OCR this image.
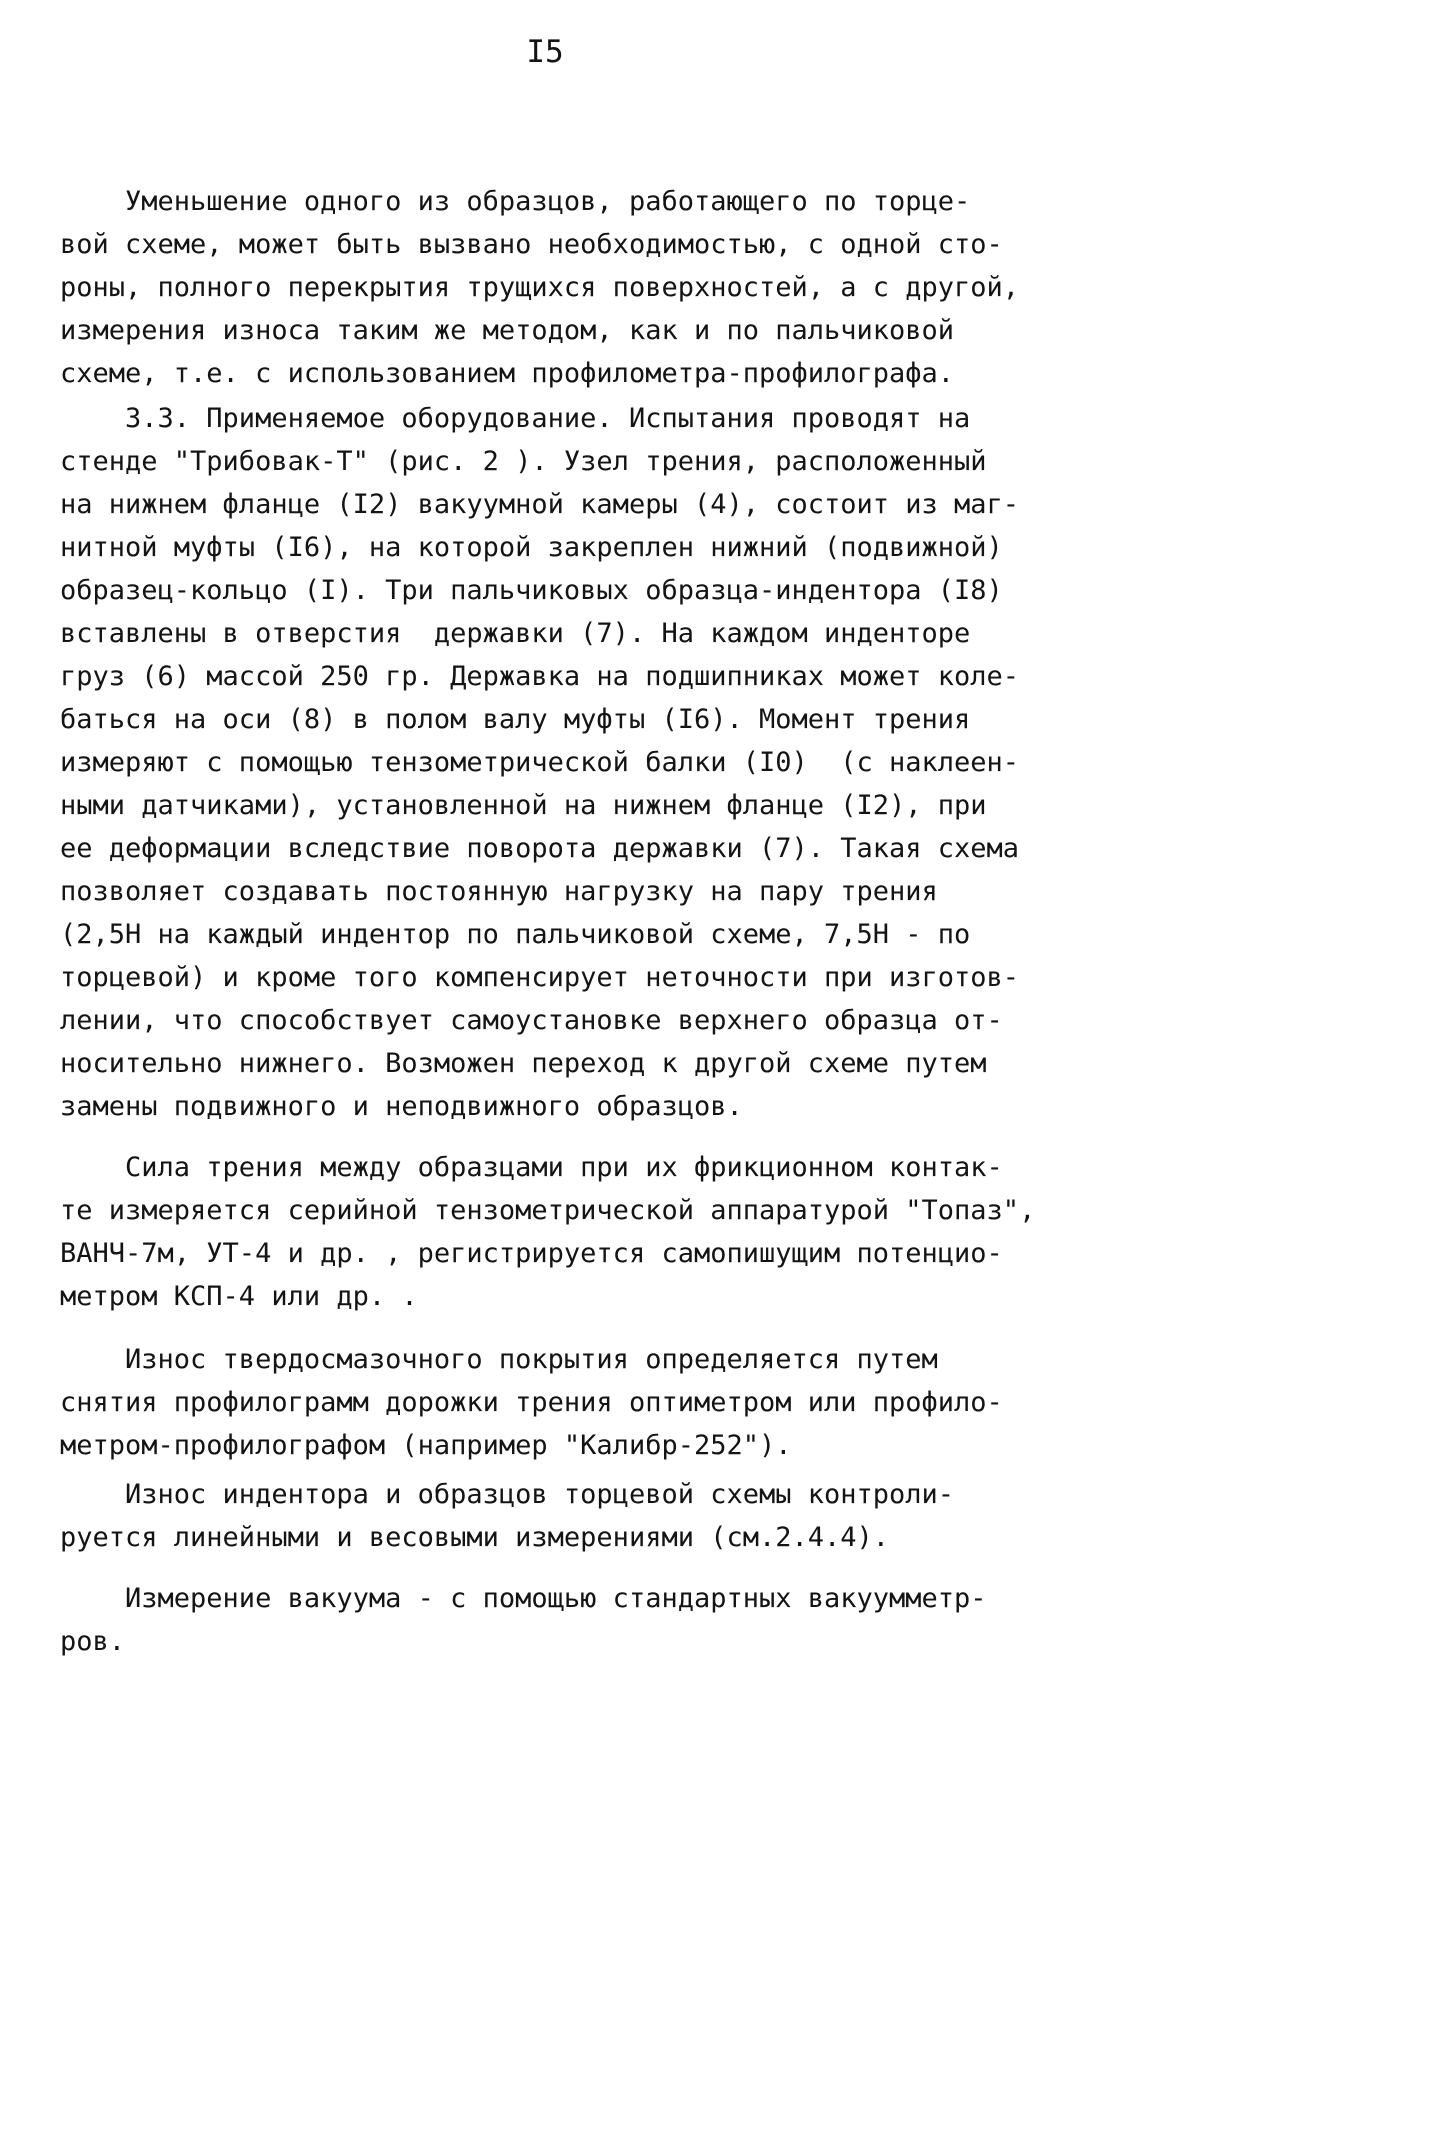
I5
Уменьшение одного из образцов, работающего по торце-
вой схеме, может быть вызвано необходимостью, с одной сто-
роны, полного перекрытия трущихся поверхностей, а с другой,
измерения износа таким же методом, как и по пальчиковой
схеме, т.е. с использованием профилометра-профилографа.
3.3. Применяемое оборудование. Испытания проводят на
стенде "Трибовак-Т" (рис. 2 ). Узел трения, расположенный
на нижнем фланце (I2) вакуумной камеры (4), состоит из маг-
нитной муфты (I6), на которой закреплен нижний (подвижной)
образец-кольцо (I). Три пальчиковых образца-индентора (I8)
вставлены в отверстия  державки (7). На каждом инденторе
груз (6) массой 250 гр. Державка на подшипниках может коле-
баться на оси (8) в полом валу муфты (I6). Момент трения
измеряют с помощью тензометрической балки (I0)  (с наклеен-
ными датчиками), установленной на нижнем фланце (I2), при
ее деформации вследствие поворота державки (7). Такая схема
позволяет создавать постоянную нагрузку на пару трения
(2,5Н на каждый индентор по пальчиковой схеме, 7,5Н - по
торцевой) и кроме того компенсирует неточности при изготов-
лении, что способствует самоустановке верхнего образца от-
носительно нижнего. Возможен переход к другой схеме путем
замены подвижного и неподвижного образцов.
Сила трения между образцами при их фрикционном контак-
те измеряется серийной тензометрической аппаратурой "Топаз",
ВАНЧ-7м, УТ-4 и др. , регистрируется самопишущим потенцио-
метром КСП-4 или др. .
Износ твердосмазочного покрытия определяется путем
снятия профилограмм дорожки трения оптиметром или профило-
метром-профилографом (например "Калибр-252").
Износ индентора и образцов торцевой схемы контроли-
руется линейными и весовыми измерениями (см.2.4.4).
Измерение вакуума - с помощью стандартных вакуумметр-
ров.
